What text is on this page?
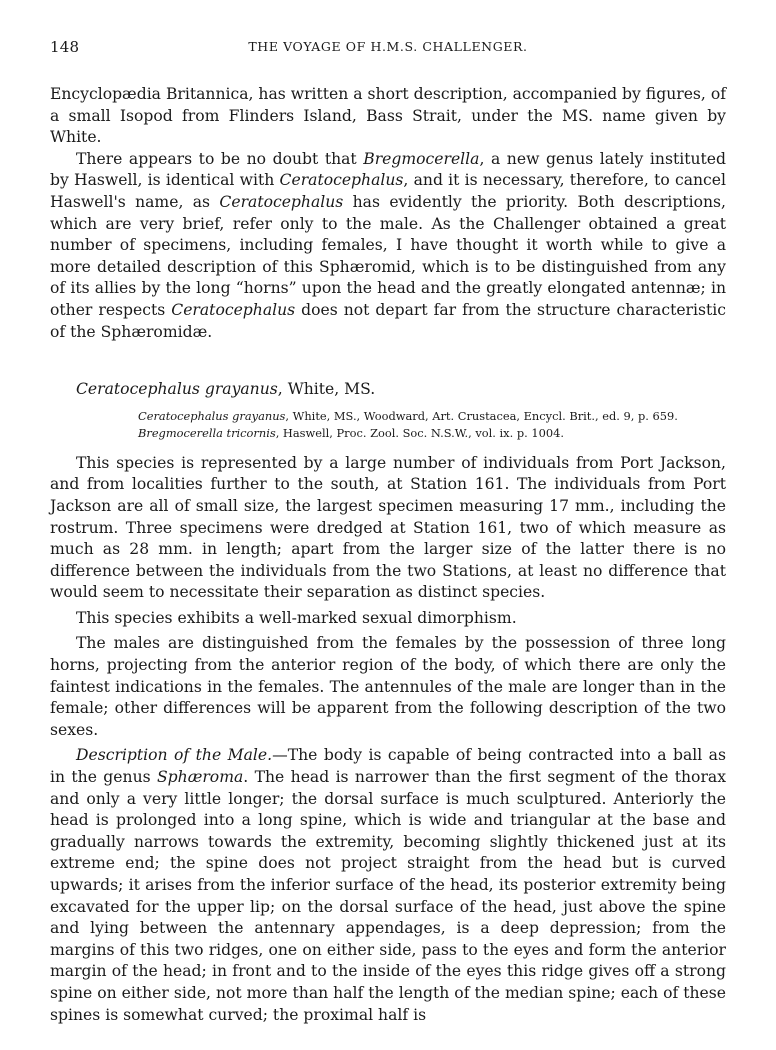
148	THE VOYAGE OF H.M.S. CHALLENGER.

Encyclopædia Britannica, has written a short description, accompanied by figures, of a small Isopod from Flinders Island, Bass Strait, under the MS. name given by White.

There appears to be no doubt that Bregmocerella, a new genus lately instituted by Haswell, is identical with Ceratocephalus, and it is necessary, therefore, to cancel Haswell's name, as Ceratocephalus has evidently the priority. Both descriptions, which are very brief, refer only to the male. As the Challenger obtained a great number of specimens, including females, I have thought it worth while to give a more detailed description of this Sphæromid, which is to be distinguished from any of its allies by the long “horns” upon the head and the greatly elongated antennæ; in other respects Ceratocephalus does not depart far from the structure characteristic of the Sphæromidæ.

Ceratocephalus grayanus, White, MS.
Ceratocephalus grayanus, White, MS., Woodward, Art. Crustacea, Encycl. Brit., ed. 9, p. 659.
Bregmocerella tricornis, Haswell, Proc. Zool. Soc. N.S.W., vol. ix. p. 1004.

This species is represented by a large number of individuals from Port Jackson, and from localities further to the south, at Station 161. The individuals from Port Jackson are all of small size, the largest specimen measuring 17 mm., including the rostrum. Three specimens were dredged at Station 161, two of which measure as much as 28 mm. in length; apart from the larger size of the latter there is no difference between the individuals from the two Stations, at least no difference that would seem to necessitate their separation as distinct species.

This species exhibits a well-marked sexual dimorphism.

The males are distinguished from the females by the possession of three long horns, projecting from the anterior region of the body, of which there are only the faintest indications in the females. The antennules of the male are longer than in the female; other differences will be apparent from the following description of the two sexes.

Description of the Male.—The body is capable of being contracted into a ball as in the genus Sphæroma. The head is narrower than the first segment of the thorax and only a very little longer; the dorsal surface is much sculptured. Anteriorly the head is prolonged into a long spine, which is wide and triangular at the base and gradually narrows towards the extremity, becoming slightly thickened just at its extreme end; the spine does not project straight from the head but is curved upwards; it arises from the inferior surface of the head, its posterior extremity being excavated for the upper lip; on the dorsal surface of the head, just above the spine and lying between the antennary appendages, is a deep depression; from the margins of this two ridges, one on either side, pass to the eyes and form the anterior margin of the head; in front and to the inside of the eyes this ridge gives off a strong spine on either side, not more than half the length of the median spine; each of these spines is somewhat curved; the proximal half is
